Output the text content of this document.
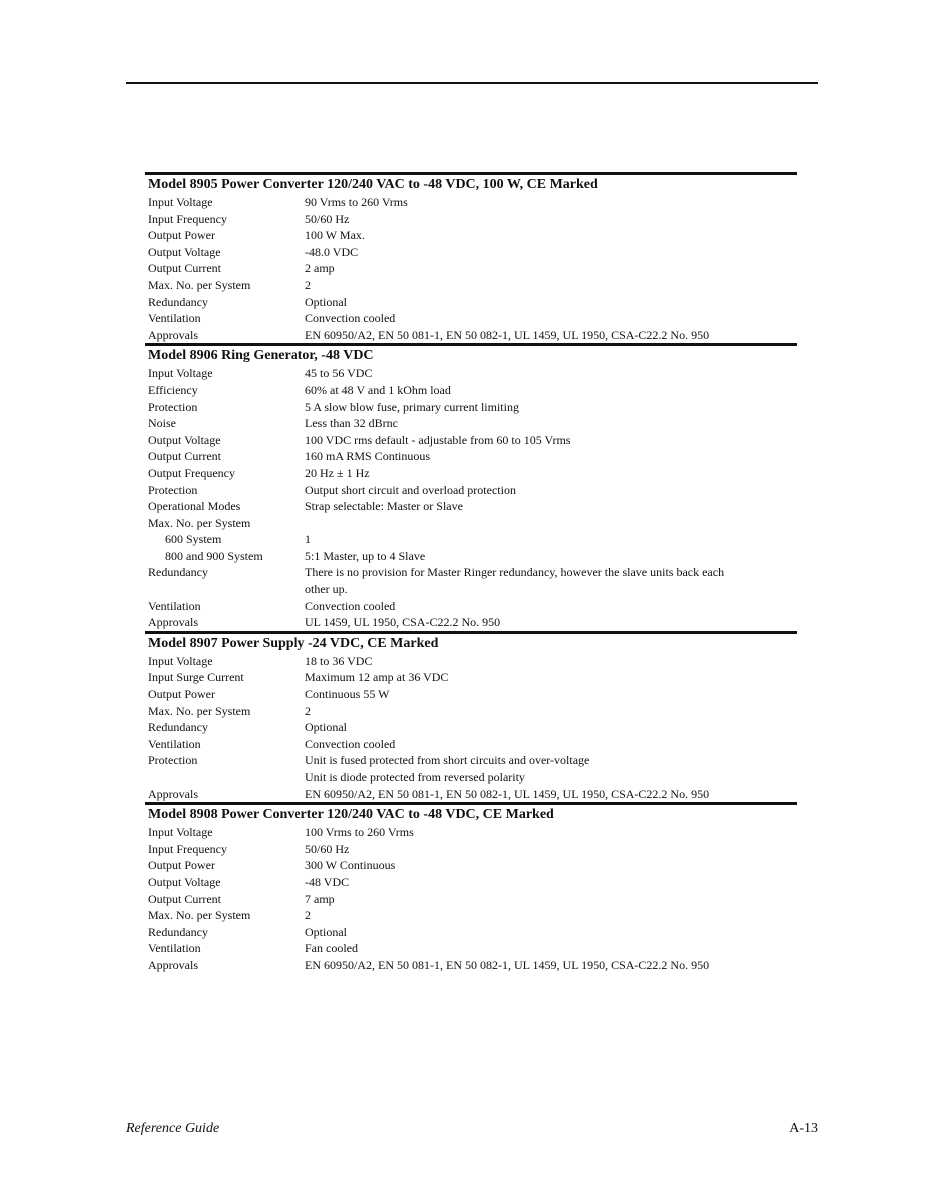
Model 8905 Power Converter 120/240 VAC to -48 VDC, 100 W, CE Marked
Input Voltage	90 Vrms to 260 Vrms
Input Frequency	50/60 Hz
Output Power	100 W Max.
Output Voltage	-48.0 VDC
Output Current	2 amp
Max. No. per System	2
Redundancy	Optional
Ventilation	Convection cooled
Approvals	EN 60950/A2, EN 50 081-1, EN 50 082-1, UL 1459, UL 1950, CSA-C22.2 No. 950
Model 8906 Ring Generator, -48 VDC
Input Voltage	45 to 56 VDC
Efficiency	60% at 48 V and 1 kOhm load
Protection	5 A slow blow fuse, primary current limiting
Noise	Less than 32 dBrnc
Output Voltage	100 VDC rms default - adjustable from 60 to 105 Vrms
Output Current	160 mA RMS Continuous
Output Frequency	20 Hz ± 1 Hz
Protection	Output short circuit and overload protection
Operational Modes	Strap selectable: Master or Slave
Max. No. per System

600 System	1
800 and 900 System	5:1 Master, up to 4 Slave
Redundancy	There is no provision for Master Ringer redundancy, however the slave units back each
other up.
Ventilation	Convection cooled
Approvals	UL 1459, UL 1950, CSA-C22.2 No. 950
Model 8907 Power Supply -24 VDC, CE Marked
Input Voltage	18 to 36 VDC
Input Surge Current	Maximum 12 amp at 36 VDC
Output Power	Continuous 55 W
Max. No. per System	2
Redundancy	Optional
Ventilation	Convection cooled
Protection	Unit is fused protected from short circuits and over-voltage
Unit is diode protected from reversed polarity
Approvals	EN 60950/A2, EN 50 081-1, EN 50 082-1, UL 1459, UL 1950, CSA-C22.2 No. 950
Model 8908 Power Converter 120/240 VAC to -48 VDC, CE Marked
Input Voltage	100 Vrms to 260 Vrms
Input Frequency	50/60 Hz
Output Power	300 W Continuous
Output Voltage	-48 VDC
Output Current	7 amp
Max. No. per System	2
Redundancy	Optional
Ventilation	Fan cooled
Approvals	EN 60950/A2, EN 50 081-1, EN 50 082-1, UL 1459, UL 1950, CSA-C22.2 No. 950
Reference Guide	A-13
